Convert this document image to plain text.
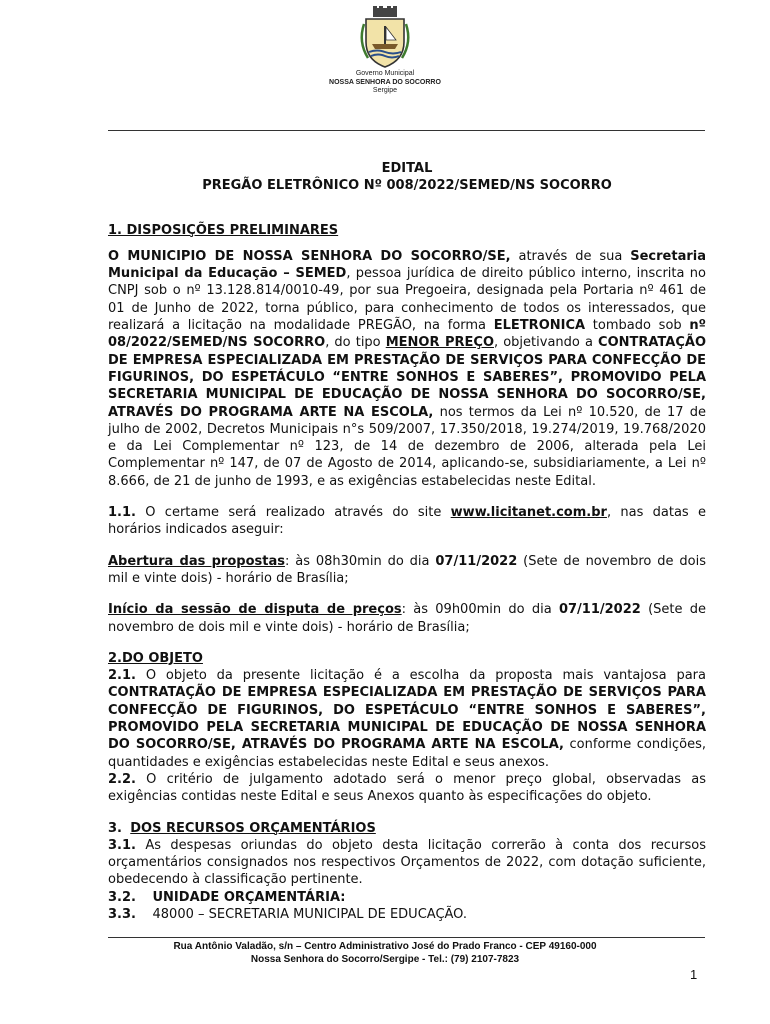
Governo Municipal
NOSSA SENHORA DO SOCORRO
Sergipe
EDITAL
PREGÃO ELETRÔNICO Nº 008/2022/SEMED/NS SOCORRO
1. DISPOSIÇÕES PRELIMINARES

O MUNICIPIO DE NOSSA SENHORA DO SOCORRO/SE, através de sua Secretaria Municipal da Educação – SEMED, pessoa jurídica de direito público interno, inscrita no CNPJ sob o nº 13.128.814/0010-49, por sua Pregoeira, designada pela Portaria nº 461 de 01 de Junho de 2022, torna público, para conhecimento de todos os interessados, que realizará a licitação na modalidade PREGÃO, na forma ELETRONICA tombado sob nº 08/2022/SEMED/NS SOCORRO, do tipo MENOR PREÇO, objetivando a CONTRATAÇÃO DE EMPRESA ESPECIALIZADA EM PRESTAÇÃO DE SERVIÇOS PARA CONFECÇÃO DE FIGURINOS, DO ESPETÁCULO “ENTRE SONHOS E SABERES”, PROMOVIDO PELA SECRETARIA MUNICIPAL DE EDUCAÇÃO DE NOSSA SENHORA DO SOCORRO/SE, ATRAVÉS DO PROGRAMA ARTE NA ESCOLA, nos termos da Lei nº 10.520, de 17 de julho de 2002, Decretos Municipais n°s 509/2007, 17.350/2018, 19.274/2019, 19.768/2020 e da Lei Complementar nº 123, de 14 de dezembro de 2006, alterada pela Lei Complementar nº 147, de 07 de Agosto de 2014, aplicando-se, subsidiariamente, a Lei nº 8.666, de 21 de junho de 1993, e as exigências estabelecidas neste Edital.

1.1. O certame será realizado através do site www.licitanet.com.br, nas datas e horários indicados aseguir:

Abertura das propostas: às 08h30min do dia 07/11/2022 (Sete de novembro de dois mil e vinte dois) - horário de Brasília;

Início da sessão de disputa de preços: às 09h00min do dia 07/11/2022 (Sete de novembro de dois mil e vinte dois) - horário de Brasília;

2.DO OBJETO

2.1. O objeto da presente licitação é a escolha da proposta mais vantajosa para CONTRATAÇÃO DE EMPRESA ESPECIALIZADA EM PRESTAÇÃO DE SERVIÇOS PARA CONFECÇÃO DE FIGURINOS, DO ESPETÁCULO “ENTRE SONHOS E SABERES”, PROMOVIDO PELA SECRETARIA MUNICIPAL DE EDUCAÇÃO DE NOSSA SENHORA DO SOCORRO/SE, ATRAVÉS DO PROGRAMA ARTE NA ESCOLA, conforme condições, quantidades e exigências estabelecidas neste Edital e seus anexos.

2.2. O critério de julgamento adotado será o menor preço global, observadas as exigências contidas neste Edital e seus Anexos quanto às especificações do objeto.

3. DOS RECURSOS ORÇAMENTÁRIOS

3.1. As despesas oriundas do objeto desta licitação correrão à conta dos recursos orçamentários consignados nos respectivos Orçamentos de 2022, com dotação suficiente, obedecendo à classificação pertinente.

3.2. UNIDADE ORÇAMENTÁRIA:
3.3. 48000 – SECRETARIA MUNICIPAL DE EDUCAÇÃO.
Rua Antônio Valadão, s/n – Centro Administrativo José do Prado Franco - CEP 49160-000
Nossa Senhora do Socorro/Sergipe - Tel.: (79) 2107-7823
1
